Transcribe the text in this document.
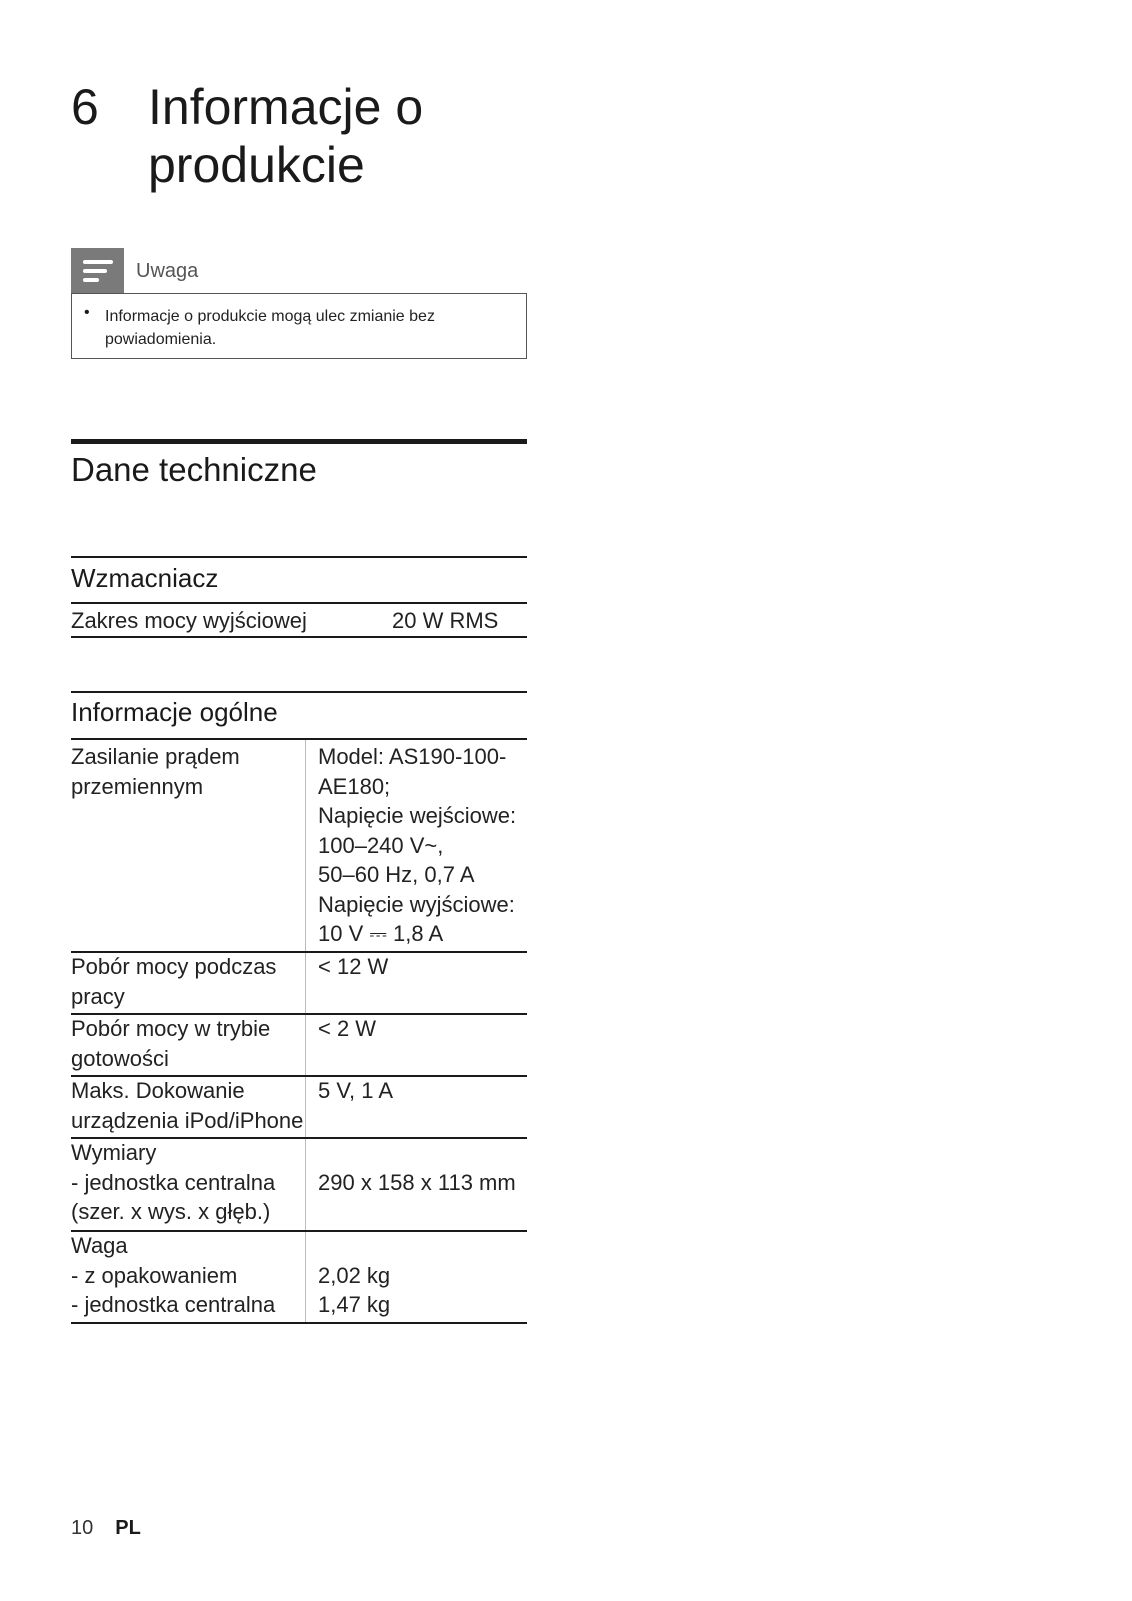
6 Informacje o produkcie
Uwaga
• Informacje o produkcie mogą ulec zmianie bez powiadomienia.
Dane techniczne
Wzmacniacz
Zakres mocy wyjściowej	20 W RMS
Informacje ogólne
Zasilanie prądem
przemiennym
Model: AS190-100-
AE180;
Napięcie wejściowe:
100–240 V~,
50–60 Hz, 0,7 A
Napięcie wyjściowe:
10 V ⎓ 1,8 A
Pobór mocy podczas
pracy
< 12 W
Pobór mocy w trybie
gotowości
< 2 W
Maks. Dokowanie
urządzenia iPod/iPhone
5 V, 1 A
Wymiary
- jednostka centralna
(szer. x wys. x głęb.)

290 x 158 x 113 mm
Waga
- z opakowaniem
- jednostka centralna

2,02 kg
1,47 kg
10 PL
